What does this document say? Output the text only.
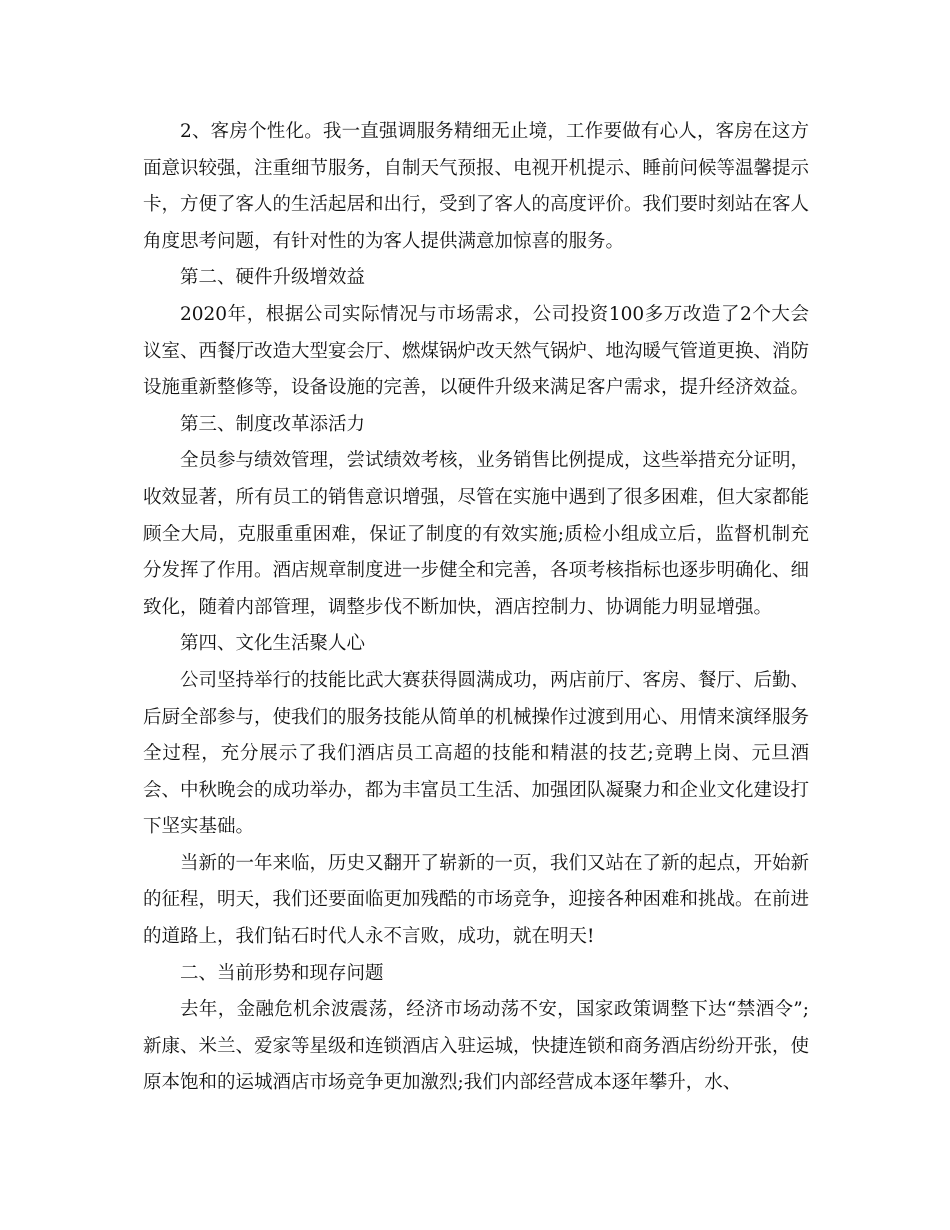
2、客房个性化。我一直强调服务精细无止境，工作要做有心人，客房在这方面意识较强，注重细节服务，自制天气预报、电视开机提示、睡前问候等温馨提示卡，方便了客人的生活起居和出行，受到了客人的高度评价。我们要时刻站在客人角度思考问题，有针对性的为客人提供满意加惊喜的服务。

第二、硬件升级增效益

2020年，根据公司实际情况与市场需求，公司投资100多万改造了2个大会议室、西餐厅改造大型宴会厅、燃煤锅炉改天然气锅炉、地沟暖气管道更换、消防设施重新整修等，设备设施的完善，以硬件升级来满足客户需求，提升经济效益。

第三、制度改革添活力

全员参与绩效管理，尝试绩效考核，业务销售比例提成，这些举措充分证明，收效显著，所有员工的销售意识增强，尽管在实施中遇到了很多困难，但大家都能顾全大局，克服重重困难，保证了制度的有效实施;质检小组成立后，监督机制充分发挥了作用。酒店规章制度进一步健全和完善，各项考核指标也逐步明确化、细致化，随着内部管理，调整步伐不断加快，酒店控制力、协调能力明显增强。

第四、文化生活聚人心

公司坚持举行的技能比武大赛获得圆满成功，两店前厅、客房、餐厅、后勤、后厨全部参与，使我们的服务技能从简单的机械操作过渡到用心、用情来演绎服务全过程，充分展示了我们酒店员工高超的技能和精湛的技艺;竞聘上岗、元旦酒会、中秋晚会的成功举办，都为丰富员工生活、加强团队凝聚力和企业文化建设打下坚实基础。

当新的一年来临，历史又翻开了崭新的一页，我们又站在了新的起点，开始新的征程，明天，我们还要面临更加残酷的市场竞争，迎接各种困难和挑战。在前进的道路上，我们钻石时代人永不言败，成功，就在明天!

二、当前形势和现存问题

去年，金融危机余波震荡，经济市场动荡不安，国家政策调整下达“禁酒令”;新康、米兰、爱家等星级和连锁酒店入驻运城，快捷连锁和商务酒店纷纷开张，使原本饱和的运城酒店市场竞争更加激烈;我们内部经营成本逐年攀升，水、
